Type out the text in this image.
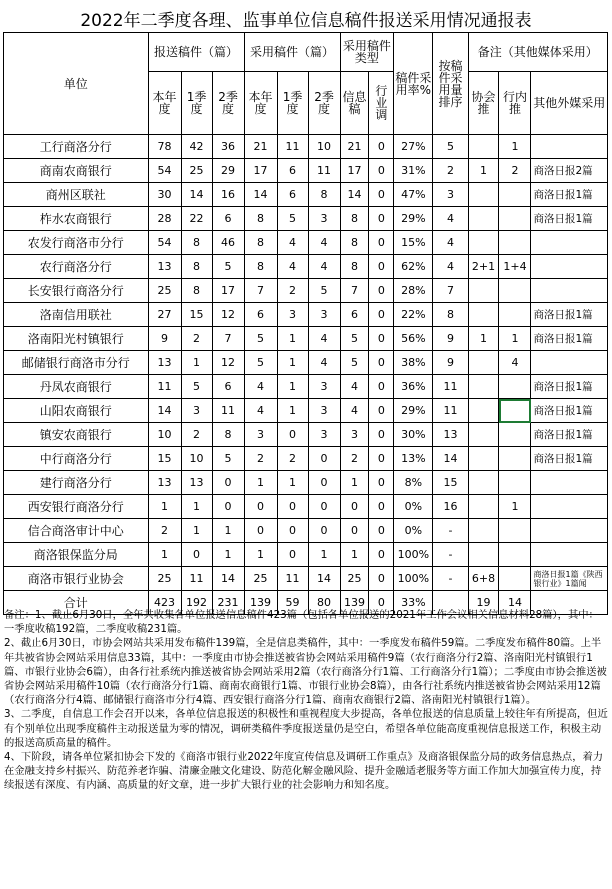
2022年二季度各理、监事单位信息稿件报送采用情况通报表
单位	报送稿件（篇）			采用稿件（篇）			采用稿件类型		稿件采用率%	按稿件采用量排序	备注（其他媒体采用）		
	本年度	1季度	2季度	本年度	1季度	2季度	信息稿	行业调			协会推	行内推	其他外媒采用
工行商洛分行	78	42	36	21	11	10	21	0	27%	5		1	
商南农商银行	54	25	29	17	6	11	17	0	31%	2	1	2	商洛日报2篇
商州区联社	30	14	16	14	6	8	14	0	47%	3			商洛日报1篇
柞水农商银行	28	22	6	8	5	3	8	0	29%	4			商洛日报1篇
农发行商洛市分行	54	8	46	8	4	4	8	0	15%	4			
农行商洛分行	13	8	5	8	4	4	8	0	62%	4	2+1	1+4	
长安银行商洛分行	25	8	17	7	2	5	7	0	28%	7			
洛南信用联社	27	15	12	6	3	3	6	0	22%	8			商洛日报1篇
洛南阳光村镇银行	9	2	7	5	1	4	5	0	56%	9	1	1	商洛日报1篇
邮储银行商洛市分行	13	1	12	5	1	4	5	0	38%	9		4	
丹凤农商银行	11	5	6	4	1	3	4	0	36%	11			商洛日报1篇
山阳农商银行	14	3	11	4	1	3	4	0	29%	11			商洛日报1篇
镇安农商银行	10	2	8	3	0	3	3	0	30%	13			商洛日报1篇
中行商洛分行	15	10	5	2	2	0	2	0	13%	14			商洛日报1篇
建行商洛分行	13	13	0	1	1	0	1	0	8%	15			
西安银行商洛分行	1	1	0	0	0	0	0	0	0%	16		1	
信合商洛审计中心	2	1	1	0	0	0	0	0	0%	-			
商洛银保监分局	1	0	1	1	0	1	1	0	100%	-			
商洛市银行业协会	25	11	14	25	11	14	25	0	100%	-	6+8		商洛日报1篇《陕西银行业》1篇闻
合计	423	192	231	139	59	80	139	0	33%		19	14	

备注：1、截止6月30日，全年共收集各单位报送信息稿件423篇（包括各单位报送的2021年工作会议相关信息材料28篇），其中：一季度收稿192篇，二季度收稿231篇。

2、截止6月30日，市协会网站共采用发布稿件139篇，全是信息类稿件，其中：一季度发布稿件59篇。二季度发布稿件80篇。上半年共被省协会网站采用信息33篇，其中：一季度由市协会推送被省协会网站采用稿件9篇（农行商洛分行2篇、洛南阳光村镇银行1篇、市银行业协会6篇），由各行社系统内推送被省协会网站采用2篇（农行商洛分行1篇、工行商洛分行1篇）；二季度由市协会推送被省协会网站采用稿件10篇（农行商洛分行1篇、商南农商银行1篇、市银行业协会8篇），由各行社系统内推送被省协会网站采用12篇（农行商洛分行4篇、邮储银行商洛市分行4篇、西安银行商洛分行1篇、商南农商银行2篇、洛南阳光村镇银行1篇）。

3、二季度，自信息工作会召开以来，各单位信息报送的积极性和重视程度大步提高，各单位报送的信息质量上较往年有所提高，但近有个别单位出现季度稿件主动报送量为零的情况，调研类稿件季度报送量仍是空白，希望各单位能高度重视信息报送工作，积极主动的报送高质高量的稿件。

4、下阶段，请各单位紧扣协会下发的《商洛市银行业2022年度宣传信息及调研工作重点》及商洛银保监分局的政务信息热点，着力在金融支持乡村振兴、防范养老诈骗、清廉金融文化建设、防范化解金融风险、提升金融适老服务等方面工作加大加强宣传力度，持续报送有深度、有内涵、高质量的好文章，进一步扩大银行业的社会影响力和知名度。
